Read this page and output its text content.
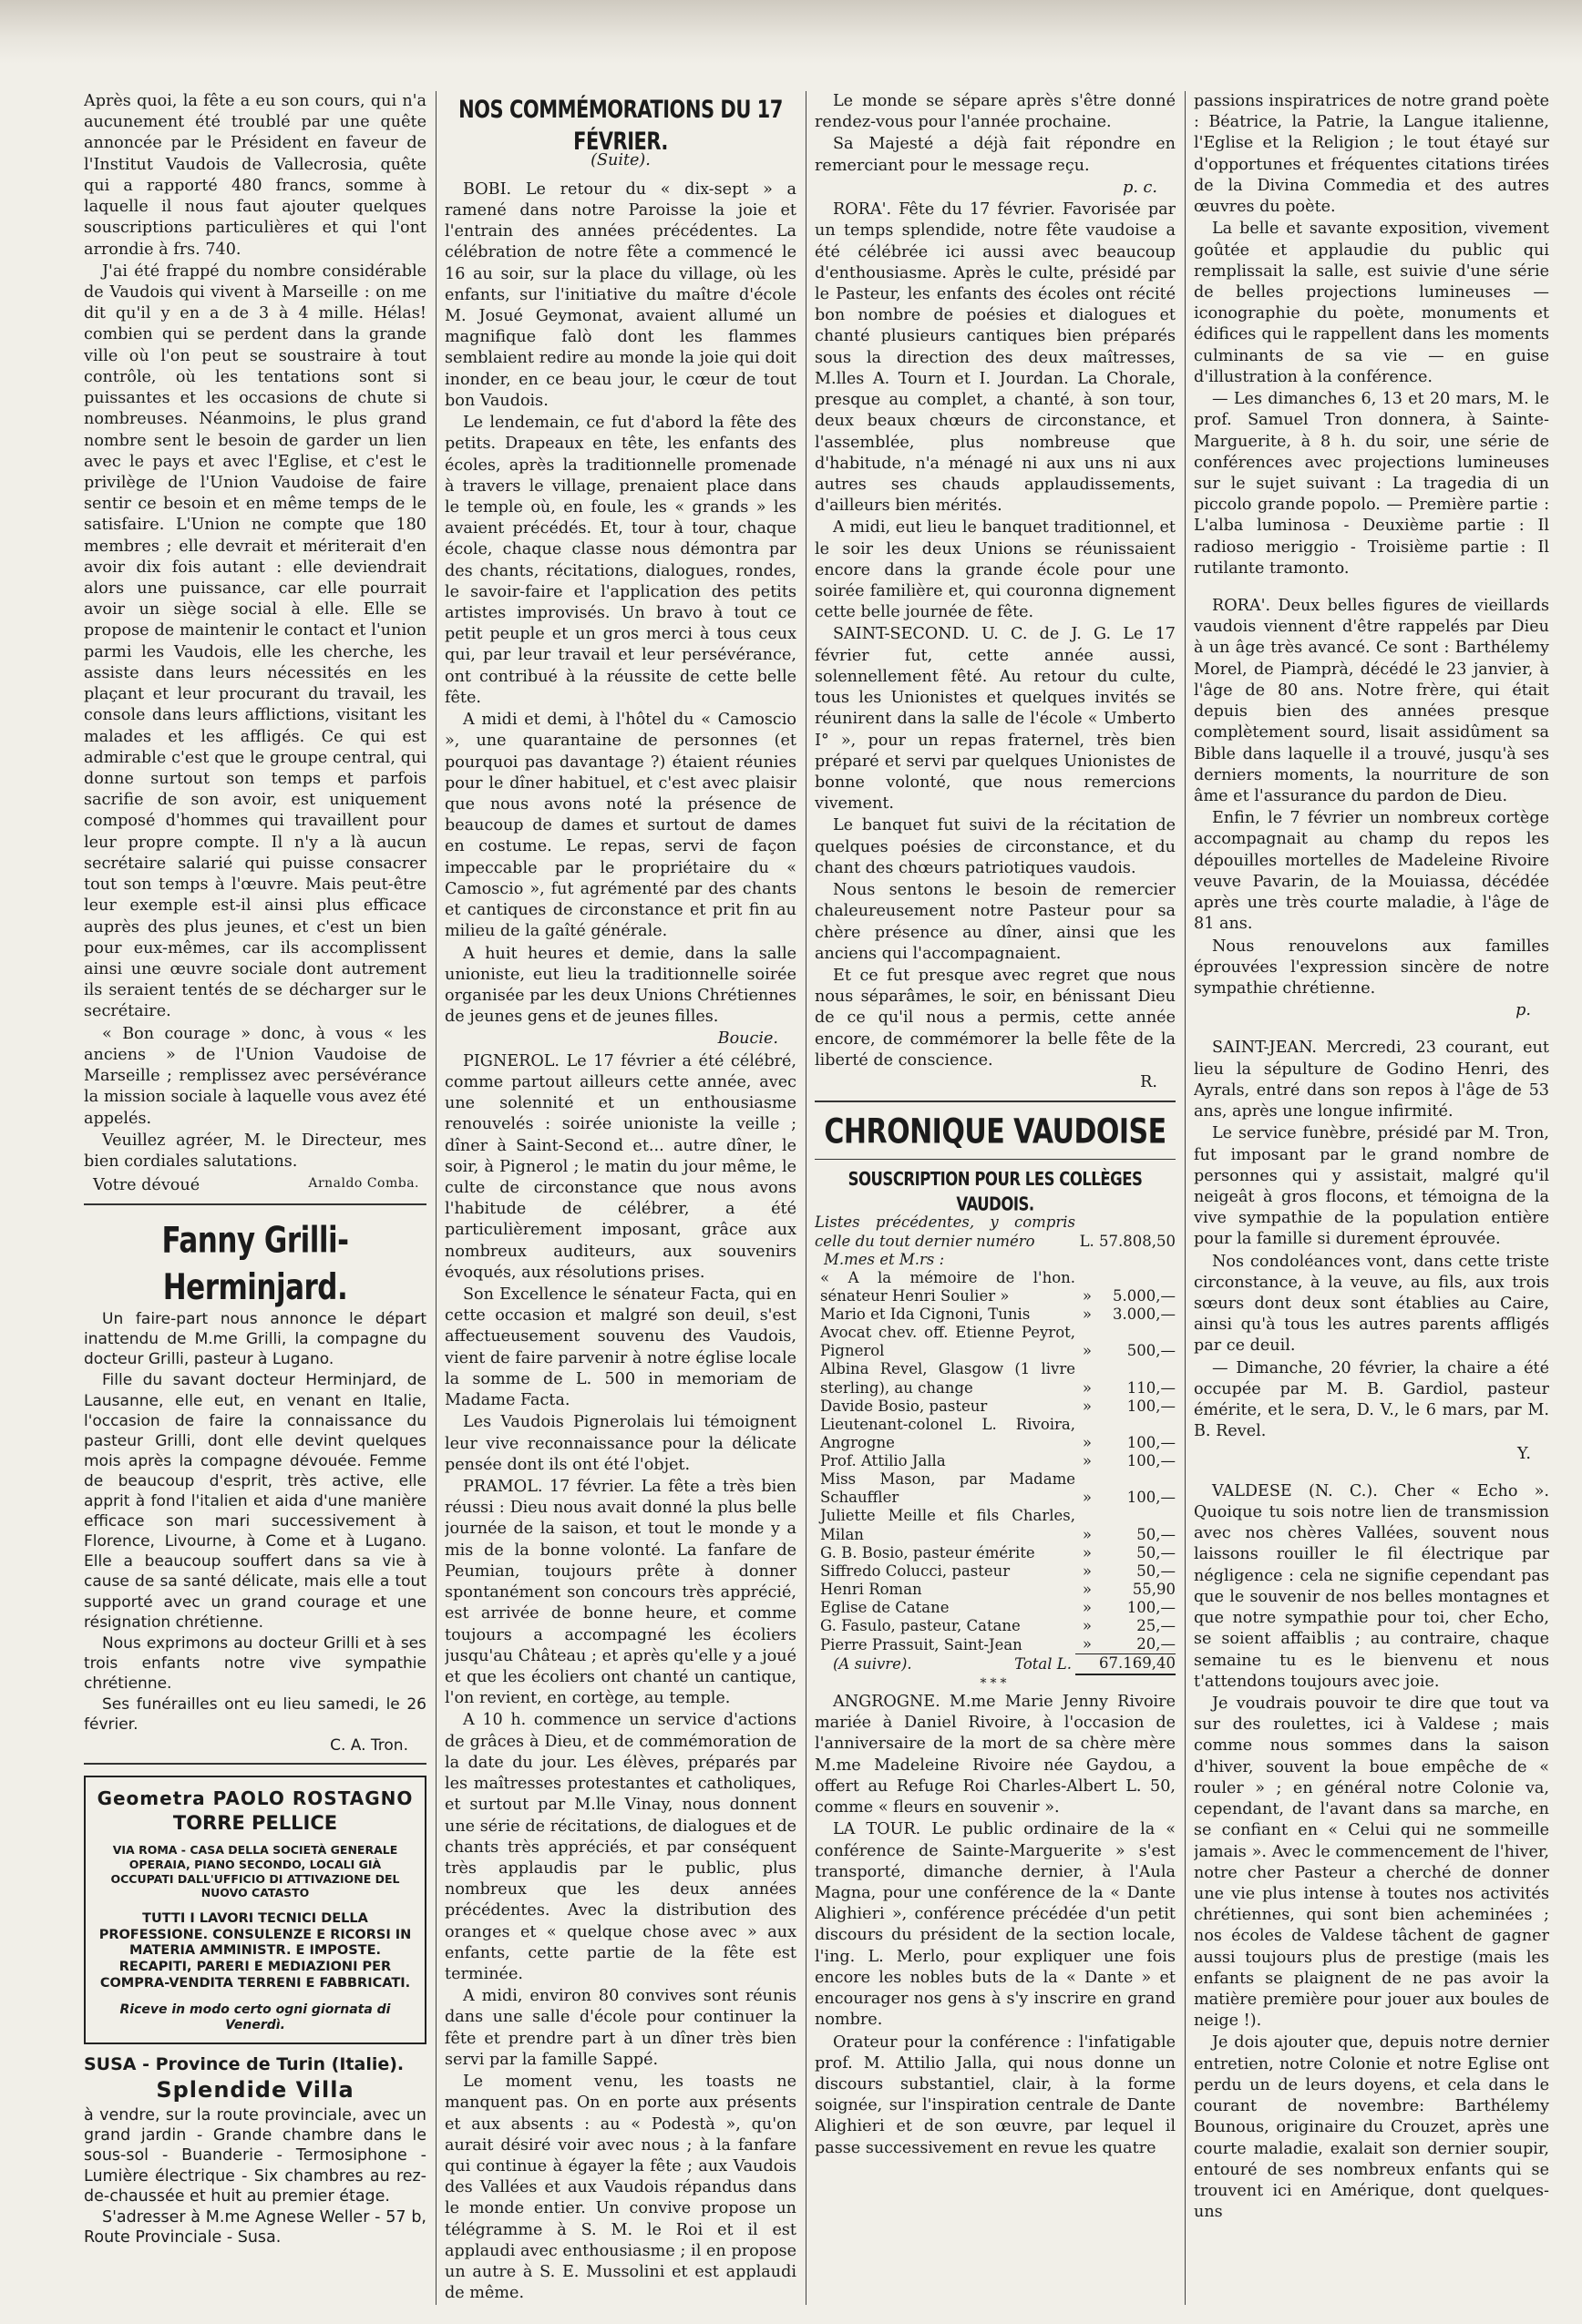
Après quoi, la fête a eu son cours, qui n'a aucunement été troublé par une quête annoncée par le Président en faveur de l'Institut Vaudois de Vallecrosia, quête qui a rapporté 480 francs, somme à laquelle il nous faut ajouter quelques souscriptions particulières et qui l'ont arrondie à frs. 740.

J'ai été frappé du nombre considérable de Vaudois qui vivent à Marseille : on me dit qu'il y en a de 3 à 4 mille. Hélas! combien qui se perdent dans la grande ville où l'on peut se soustraire à tout contrôle, où les tentations sont si puissantes et les occasions de chute si nombreuses. Néanmoins, le plus grand nombre sent le besoin de garder un lien avec le pays et avec l'Eglise, et c'est le privilège de l'Union Vaudoise de faire sentir ce besoin et en même temps de le satisfaire. L'Union ne compte que 180 membres ; elle devrait et mériterait d'en avoir dix fois autant : elle deviendrait alors une puissance, car elle pourrait avoir un siège social à elle. Elle se propose de maintenir le contact et l'union parmi les Vaudois, elle les cherche, les assiste dans leurs nécessités en les plaçant et leur procurant du travail, les console dans leurs afflictions, visitant les malades et les affligés. Ce qui est admirable c'est que le groupe central, qui donne surtout son temps et parfois sacrifie de son avoir, est uniquement composé d'hommes qui travaillent pour leur propre compte. Il n'y a là aucun secrétaire salarié qui puisse consacrer tout son temps à l'œuvre. Mais peut-être leur exemple est-il ainsi plus efficace auprès des plus jeunes, et c'est un bien pour eux-mêmes, car ils accomplissent ainsi une œuvre sociale dont autrement ils seraient tentés de se décharger sur le secrétaire.

« Bon courage » donc, à vous « les anciens » de l'Union Vaudoise de Marseille ; remplissez avec persévérance la mission sociale à laquelle vous avez été appelés.

Veuillez agréer, M. le Directeur, mes bien cordiales salutations.

Votre dévoué	Arnaldo Comba.
Fanny Grilli-Herminjard.

Un faire-part nous annonce le départ inattendu de M.me Grilli, la compagne du docteur Grilli, pasteur à Lugano.

Fille du savant docteur Herminjard, de Lausanne, elle eut, en venant en Italie, l'occasion de faire la connaissance du pasteur Grilli, dont elle devint quelques mois après la compagne dévouée. Femme de beaucoup d'esprit, très active, elle apprit à fond l'italien et aida d'une manière efficace son mari successivement à Florence, Livourne, à Come et à Lugano. Elle a beaucoup souffert dans sa vie à cause de sa santé délicate, mais elle a tout supporté avec un grand courage et une résignation chrétienne.

Nous exprimons au docteur Grilli et à ses trois enfants notre vive sympathie chrétienne.

Ses funérailles ont eu lieu samedi, le 26 février.

C. A. Tron.

Geometra PAOLO ROSTAGNO
TORRE PELLICE
VIA ROMA - CASA DELLA SOCIETÀ GENERALE OPERAIA, PIANO SECONDO, LOCALI GIÀ OCCUPATI DALL'UFFICIO DI ATTIVAZIONE DEL NUOVO CATASTO
TUTTI I LAVORI TECNICI DELLA PROFESSIONE. CONSULENZE E RICORSI IN MATERIA AMMINISTR. E IMPOSTE. RECAPITI, PARERI E MEDIAZIONI PER COMPRA-VENDITA TERRENI E FABBRICATI.
Riceve in modo certo ogni giornata di Venerdì.
SUSA - Province de Turin (Italie).
Splendide Villa
à vendre, sur la route provinciale, avec un grand jardin - Grande chambre dans le sous-sol - Buanderie - Termosiphone - Lumière électrique - Six chambres au rez-de-chaussée et huit au premier étage.
S'adresser à M.me Agnese Weller - 57 b, Route Provinciale - Susa.
NOS COMMÉMORATIONS DU 17 FÉVRIER.
(Suite).

BOBI. Le retour du « dix-sept » a ramené dans notre Paroisse la joie et l'entrain des années précédentes. La célébration de notre fête a commencé le 16 au soir, sur la place du village, où les enfants, sur l'initiative du maître d'école M. Josué Geymonat, avaient allumé un magnifique falò dont les flammes semblaient redire au monde la joie qui doit inonder, en ce beau jour, le cœur de tout bon Vaudois.

Le lendemain, ce fut d'abord la fête des petits. Drapeaux en tête, les enfants des écoles, après la traditionnelle promenade à travers le village, prenaient place dans le temple où, en foule, les « grands » les avaient précédés. Et, tour à tour, chaque école, chaque classe nous démontra par des chants, récitations, dialogues, rondes, le savoir-faire et l'application des petits artistes improvisés. Un bravo à tout ce petit peuple et un gros merci à tous ceux qui, par leur travail et leur persévérance, ont contribué à la réussite de cette belle fête.

A midi et demi, à l'hôtel du « Camoscio », une quarantaine de personnes (et pourquoi pas davantage ?) étaient réunies pour le dîner habituel, et c'est avec plaisir que nous avons noté la présence de beaucoup de dames et surtout de dames en costume. Le repas, servi de façon impeccable par le propriétaire du « Camoscio », fut agrémenté par des chants et cantiques de circonstance et prit fin au milieu de la gaîté générale.

A huit heures et demie, dans la salle unioniste, eut lieu la traditionnelle soirée organisée par les deux Unions Chrétiennes de jeunes gens et de jeunes filles.

Boucie.

PIGNEROL. Le 17 février a été célébré, comme partout ailleurs cette année, avec une solennité et un enthousiasme renouvelés : soirée unioniste la veille ; dîner à Saint-Second et... autre dîner, le soir, à Pignerol ; le matin du jour même, le culte de circonstance que nous avons l'habitude de célébrer, a été particulièrement imposant, grâce aux nombreux auditeurs, aux souvenirs évoqués, aux résolutions prises.

Son Excellence le sénateur Facta, qui en cette occasion et malgré son deuil, s'est affectueusement souvenu des Vaudois, vient de faire parvenir à notre église locale la somme de L. 500 in memoriam de Madame Facta.

Les Vaudois Pignerolais lui témoignent leur vive reconnaissance pour la délicate pensée dont ils ont été l'objet.

PRAMOL. 17 février. La fête a très bien réussi : Dieu nous avait donné la plus belle journée de la saison, et tout le monde y a mis de la bonne volonté. La fanfare de Peumian, toujours prête à donner spontanément son concours très apprécié, est arrivée de bonne heure, et comme toujours a accompagné les écoliers jusqu'au Château ; et après qu'elle y a joué et que les écoliers ont chanté un cantique, l'on revient, en cortège, au temple.

A 10 h. commence un service d'actions de grâces à Dieu, et de commémoration de la date du jour. Les élèves, préparés par les maîtresses protestantes et catholiques, et surtout par M.lle Vinay, nous donnent une série de récitations, de dialogues et de chants très appréciés, et par conséquent très applaudis par le public, plus nombreux que les deux années précédentes. Avec la distribution des oranges et « quelque chose avec » aux enfants, cette partie de la fête est terminée.

A midi, environ 80 convives sont réunis dans une salle d'école pour continuer la fête et prendre part à un dîner très bien servi par la famille Sappé.

Le moment venu, les toasts ne manquent pas. On en porte aux présents et aux absents : au « Podestà », qu'on aurait désiré voir avec nous ; à la fanfare qui continue à égayer la fête ; aux Vaudois des Vallées et aux Vaudois répandus dans le monde entier. Un convive propose un télégramme à S. M. le Roi et il est applaudi avec enthousiasme ; il en propose un autre à S. E. Mussolini et est applaudi de même.

Le monde se sépare après s'être donné rendez-vous pour l'année prochaine.

Sa Majesté a déjà fait répondre en remerciant pour le message reçu.

p. c.

RORA'. Fête du 17 février. Favorisée par un temps splendide, notre fête vaudoise a été célébrée ici aussi avec beaucoup d'enthousiasme. Après le culte, présidé par le Pasteur, les enfants des écoles ont récité bon nombre de poésies et dialogues et chanté plusieurs cantiques bien préparés sous la direction des deux maîtresses, M.lles A. Tourn et I. Jourdan. La Chorale, presque au complet, a chanté, à son tour, deux beaux chœurs de circonstance, et l'assemblée, plus nombreuse que d'habitude, n'a ménagé ni aux uns ni aux autres ses chauds applaudissements, d'ailleurs bien mérités.

A midi, eut lieu le banquet traditionnel, et le soir les deux Unions se réunissaient encore dans la grande école pour une soirée familière et, qui couronna dignement cette belle journée de fête.

SAINT-SECOND. U. C. de J. G. Le 17 février fut, cette année aussi, solennellement fêté. Au retour du culte, tous les Unionistes et quelques invités se réunirent dans la salle de l'école « Umberto I° », pour un repas fraternel, très bien préparé et servi par quelques Unionistes de bonne volonté, que nous remercions vivement.

Le banquet fut suivi de la récitation de quelques poésies de circonstance, et du chant des chœurs patriotiques vaudois.

Nous sentons le besoin de remercier chaleureusement notre Pasteur pour sa chère présence au dîner, ainsi que les anciens qui l'accompagnaient.

Et ce fut presque avec regret que nous nous séparâmes, le soir, en bénissant Dieu de ce qu'il nous a permis, cette année encore, de commémorer la belle fête de la liberté de conscience.

R.

CHRONIQUE VAUDOISE
SOUSCRIPTION POUR LES COLLÈGES VAUDOIS.
Listes précédentes, y compris celle du tout dernier numéro	L. 57.808,50	
M.mes et M.rs :		
« A la mémoire de l'hon. sénateur Henri Soulier »	»	5.000,—
Mario et Ida Cignoni, Tunis	»	3.000,—
Avocat chev. off. Etienne Peyrot, Pignerol	»	500,—
Albina Revel, Glasgow (1 livre sterling), au change	»	110,—
Davide Bosio, pasteur	»	100,—
Lieutenant-colonel L. Rivoira, Angrogne	»	100,—
Prof. Attilio Jalla	»	100,—
Miss Mason, par Madame Schauffler	»	100,—
Juliette Meille et fils Charles, Milan	»	50,—
G. B. Bosio, pasteur émérite	»	50,—
Siffredo Colucci, pasteur	»	50,—
Henri Roman	»	55,90
Eglise de Catane	»	100,—
G. Fasulo, pasteur, Catane	»	25,—
Pierre Prassuit, Saint-Jean	»	20,—
(A suivre). Total L.	67.169,40	
***

ANGROGNE. M.me Marie Jenny Rivoire mariée à Daniel Rivoire, à l'occasion de l'anniversaire de la mort de sa chère mère M.me Madeleine Rivoire née Gaydou, a offert au Refuge Roi Charles-Albert L. 50, comme « fleurs en souvenir ».

LA TOUR. Le public ordinaire de la « conférence de Sainte-Marguerite » s'est transporté, dimanche dernier, à l'Aula Magna, pour une conférence de la « Dante Alighieri », conférence précédée d'un petit discours du président de la section locale, l'ing. L. Merlo, pour expliquer une fois encore les nobles buts de la « Dante » et encourager nos gens à s'y inscrire en grand nombre.

Orateur pour la conférence : l'infatigable prof. M. Attilio Jalla, qui nous donne un discours substantiel, clair, à la forme soignée, sur l'inspiration centrale de Dante Alighieri et de son œuvre, par lequel il passe successivement en revue les quatre

passions inspiratrices de notre grand poète : Béatrice, la Patrie, la Langue italienne, l'Eglise et la Religion ; le tout étayé sur d'opportunes et fréquentes citations tirées de la Divina Commedia et des autres œuvres du poète.

La belle et savante exposition, vivement goûtée et applaudie du public qui remplissait la salle, est suivie d'une série de belles projections lumineuses — iconographie du poète, monuments et édifices qui le rappellent dans les moments culminants de sa vie — en guise d'illustration à la conférence.

— Les dimanches 6, 13 et 20 mars, M. le prof. Samuel Tron donnera, à Sainte-Marguerite, à 8 h. du soir, une série de conférences avec projections lumineuses sur le sujet suivant : La tragedia di un piccolo grande popolo. — Première partie : L'alba luminosa - Deuxième partie : Il radioso meriggio - Troisième partie : Il rutilante tramonto.

RORA'. Deux belles figures de vieillards vaudois viennent d'être rappelés par Dieu à un âge très avancé. Ce sont : Barthélemy Morel, de Piamprà, décédé le 23 janvier, à l'âge de 80 ans. Notre frère, qui était depuis bien des années presque complètement sourd, lisait assidûment sa Bible dans laquelle il a trouvé, jusqu'à ses derniers moments, la nourriture de son âme et l'assurance du pardon de Dieu.

Enfin, le 7 février un nombreux cortège accompagnait au champ du repos les dépouilles mortelles de Madeleine Rivoire veuve Pavarin, de la Mouiassa, décédée après une très courte maladie, à l'âge de 81 ans.

Nous renouvelons aux familles éprouvées l'expression sincère de notre sympathie chrétienne.

p.

SAINT-JEAN. Mercredi, 23 courant, eut lieu la sépulture de Godino Henri, des Ayrals, entré dans son repos à l'âge de 53 ans, après une longue infirmité.

Le service funèbre, présidé par M. Tron, fut imposant par le grand nombre de personnes qui y assistait, malgré qu'il neigeât à gros flocons, et témoigna de la vive sympathie de la population entière pour la famille si durement éprouvée.

Nos condoléances vont, dans cette triste circonstance, à la veuve, au fils, aux trois sœurs dont deux sont établies au Caire, ainsi qu'à tous les autres parents affligés par ce deuil.

— Dimanche, 20 février, la chaire a été occupée par M. B. Gardiol, pasteur émérite, et le sera, D. V., le 6 mars, par M. B. Revel.

Y.

VALDESE (N. C.). Cher « Echo ». Quoique tu sois notre lien de transmission avec nos chères Vallées, souvent nous laissons rouiller le fil électrique par négligence : cela ne signifie cependant pas que le souvenir de nos belles montagnes et que notre sympathie pour toi, cher Echo, se soient affaiblis ; au contraire, chaque semaine tu es le bienvenu et nous t'attendons toujours avec joie.

Je voudrais pouvoir te dire que tout va sur des roulettes, ici à Valdese ; mais comme nous sommes dans la saison d'hiver, souvent la boue empêche de « rouler » ; en général notre Colonie va, cependant, de l'avant dans sa marche, en se confiant en « Celui qui ne sommeille jamais ». Avec le commencement de l'hiver, notre cher Pasteur a cherché de donner une vie plus intense à toutes nos activités chrétiennes, qui sont bien acheminées ; nos écoles de Valdese tâchent de gagner aussi toujours plus de prestige (mais les enfants se plaignent de ne pas avoir la matière première pour jouer aux boules de neige !).

Je dois ajouter que, depuis notre dernier entretien, notre Colonie et notre Eglise ont perdu un de leurs doyens, et cela dans le courant de novembre: Barthélemy Bounous, originaire du Crouzet, après une courte maladie, exalait son dernier soupir, entouré de ses nombreux enfants qui se trouvent ici en Amérique, dont quelques-uns
